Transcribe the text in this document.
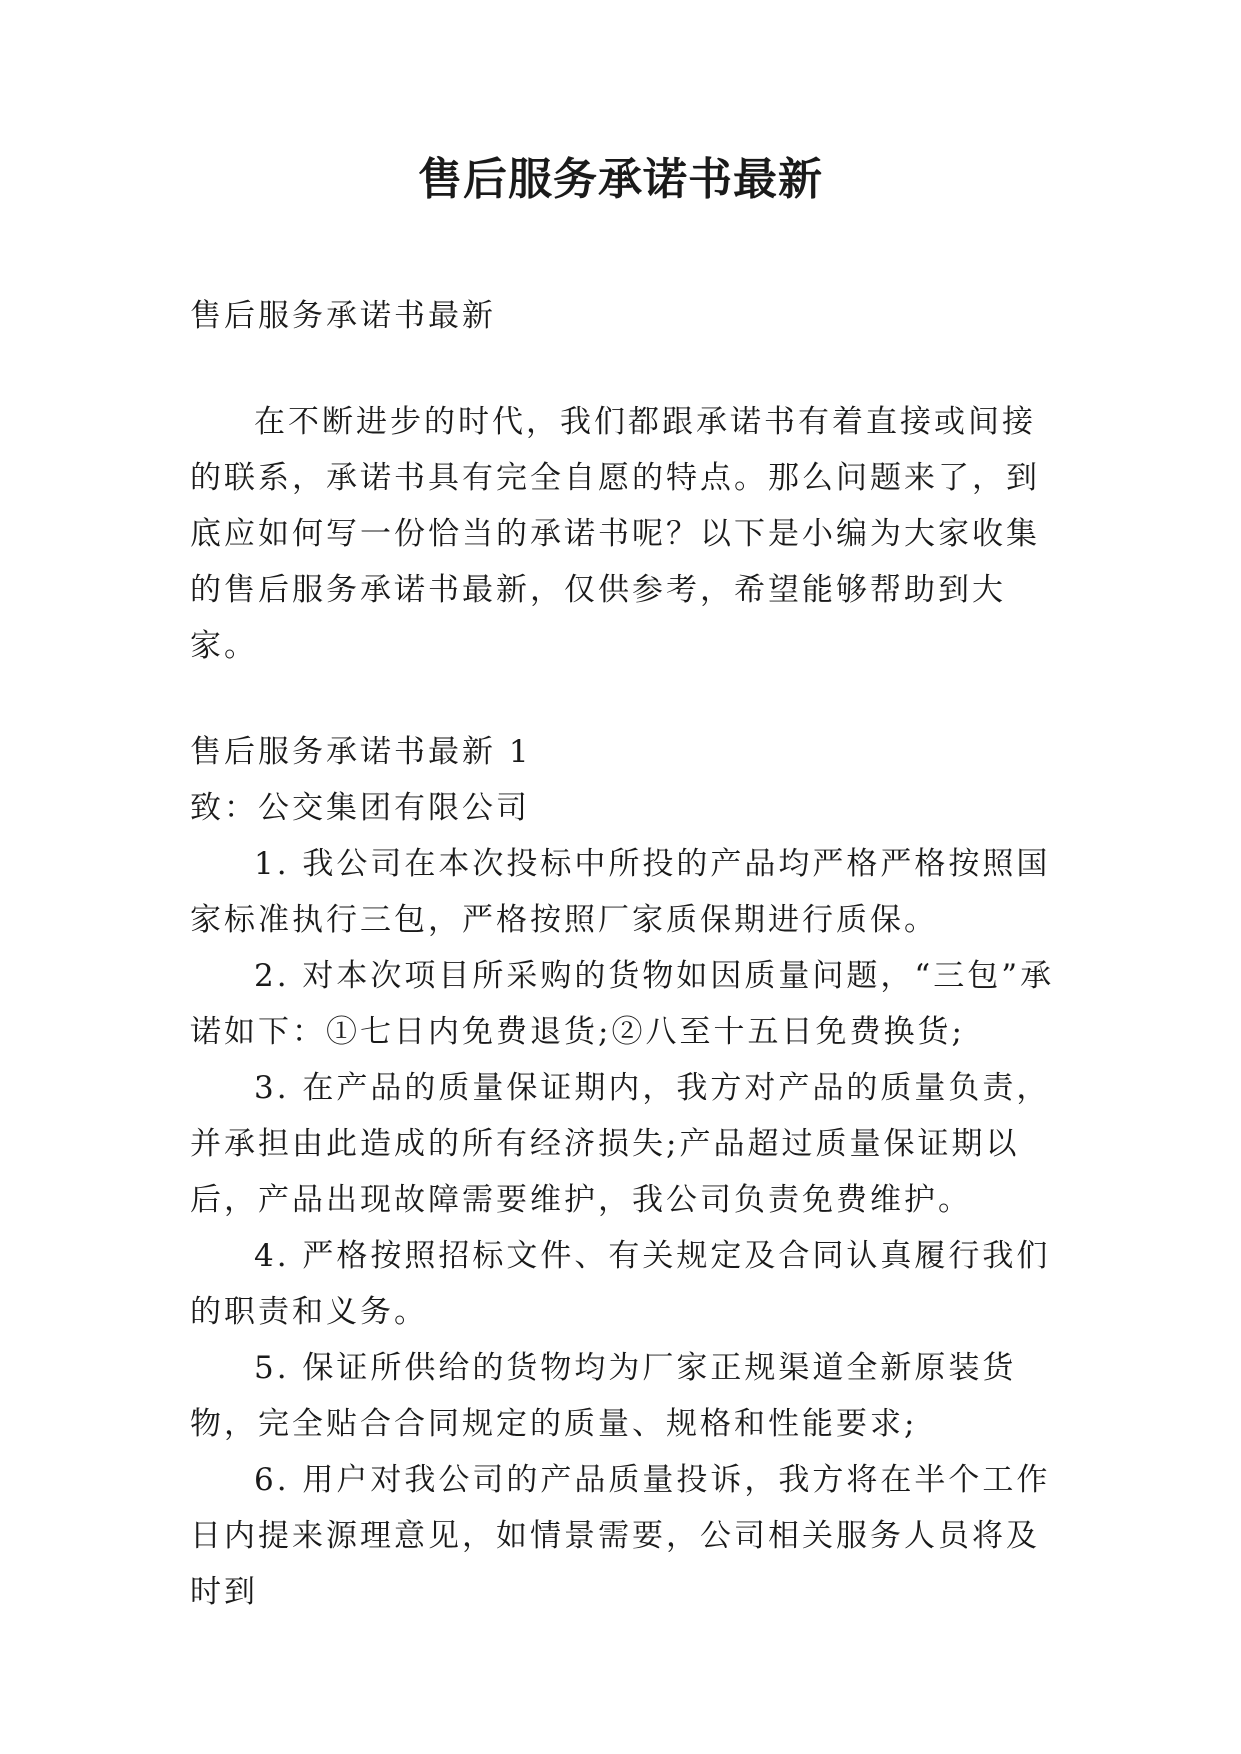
售后服务承诺书最新

售后服务承诺书最新

在不断进步的时代，我们都跟承诺书有着直接或间接的联系，承诺书具有完全自愿的特点。那么问题来了，到底应如何写一份恰当的承诺书呢？以下是小编为大家收集的售后服务承诺书最新，仅供参考，希望能够帮助到大家。

售后服务承诺书最新 1

致：公交集团有限公司

1. 我公司在本次投标中所投的产品均严格严格按照国家标准执行三包，严格按照厂家质保期进行质保。

2. 对本次项目所采购的货物如因质量问题，“三包”承诺如下：①七日内免费退货;②八至十五日免费换货;

3. 在产品的质量保证期内，我方对产品的质量负责，并承担由此造成的所有经济损失;产品超过质量保证期以后，产品出现故障需要维护，我公司负责免费维护。

4. 严格按照招标文件、有关规定及合同认真履行我们的职责和义务。

5. 保证所供给的货物均为厂家正规渠道全新原装货物，完全贴合合同规定的质量、规格和性能要求;

6. 用户对我公司的产品质量投诉，我方将在半个工作日内提来源理意见，如情景需要，公司相关服务人员将及时到
